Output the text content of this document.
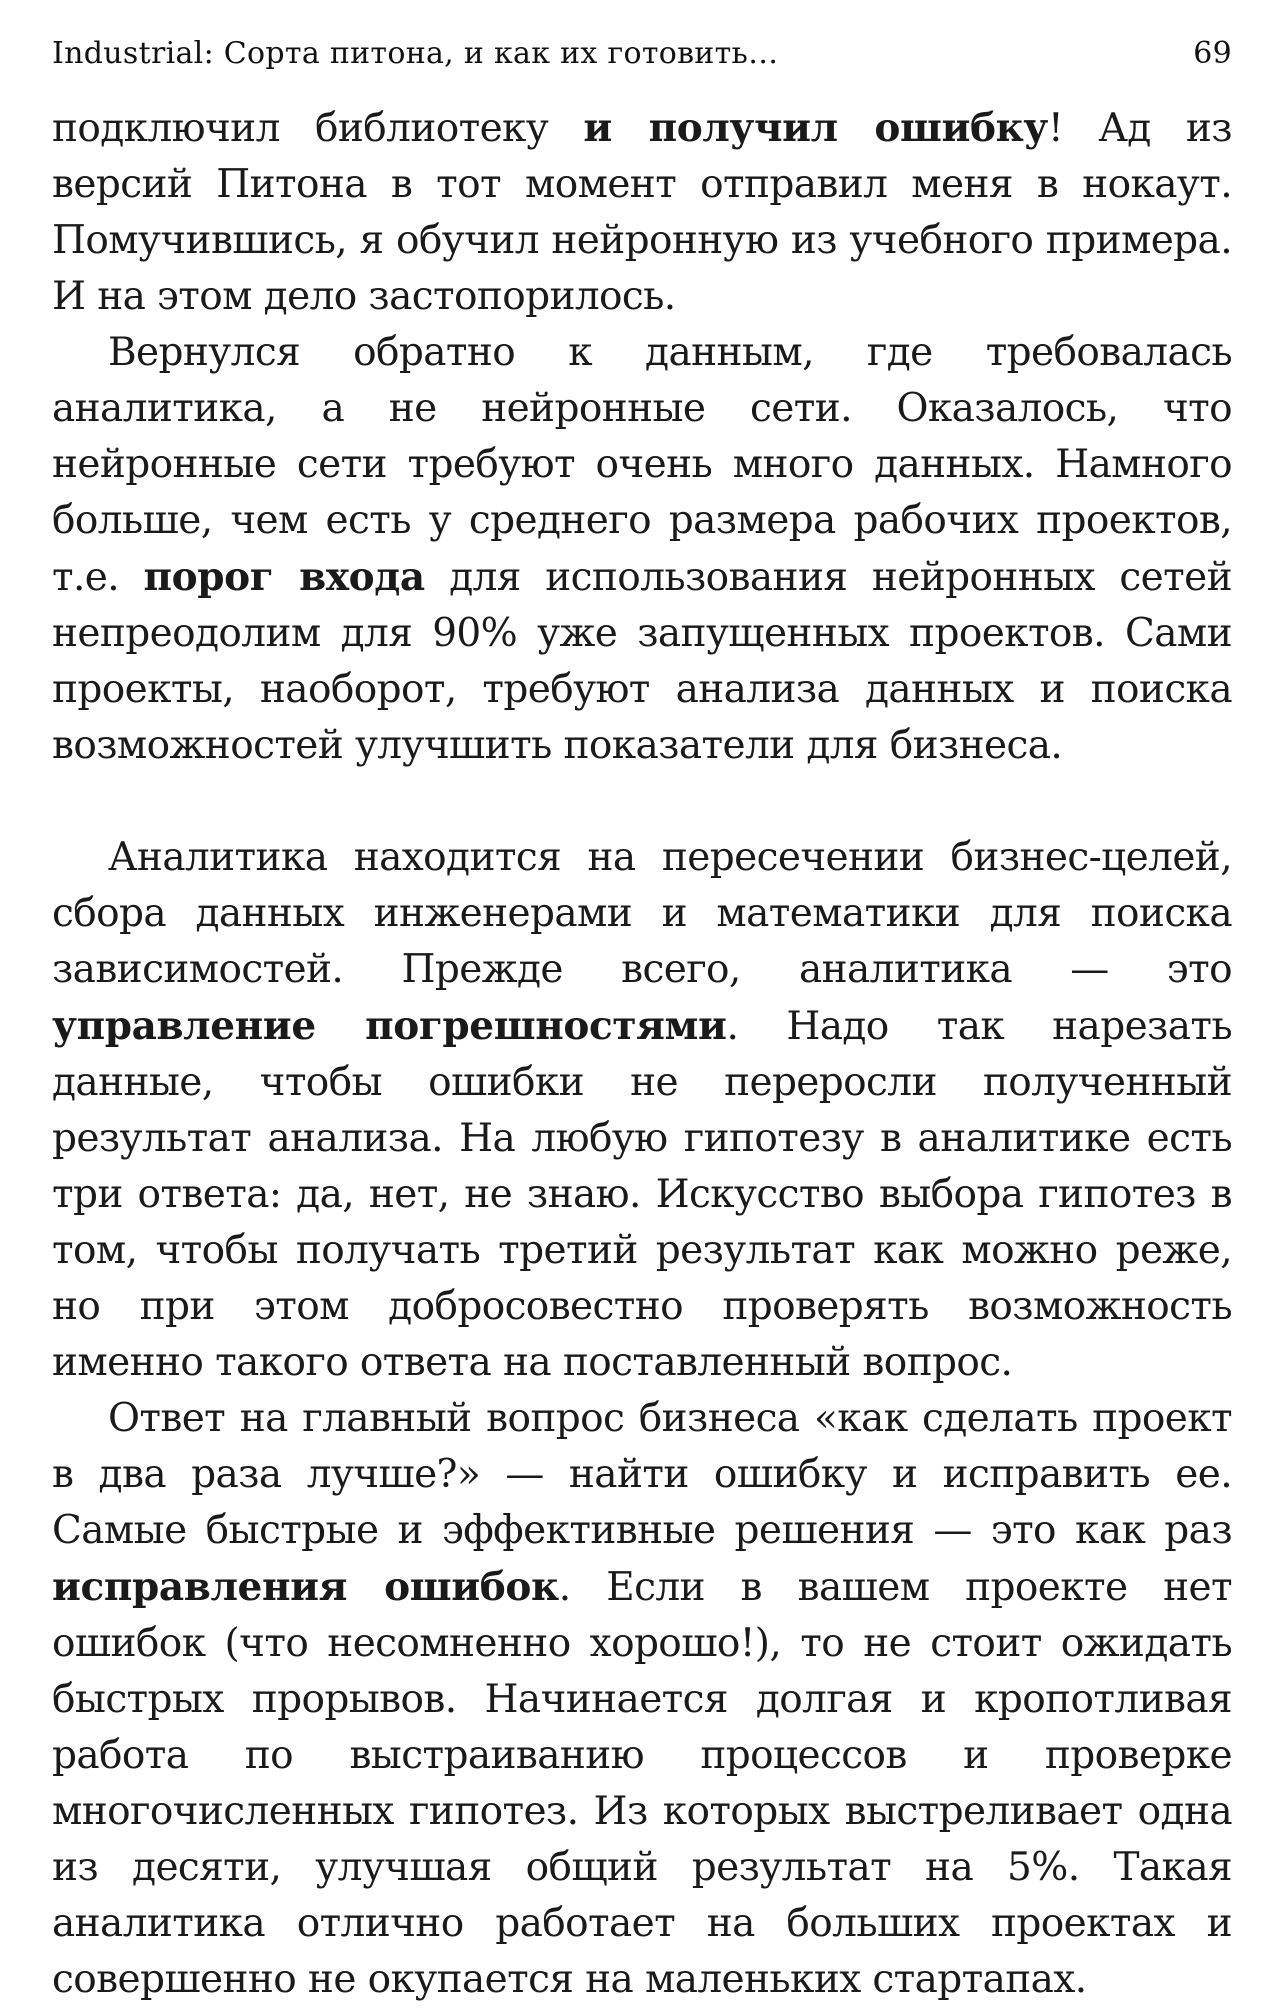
Industrial: Сорта питона, и как их готовить…	69

подключил библиотеку и получил ошибку! Ад из версий Питона в тот момент отправил меня в нокаут. Помучившись, я обучил нейронную из учебного примера. И на этом дело застопорилось.

Вернулся обратно к данным, где требовалась аналитика, а не нейронные сети. Оказалось, что нейронные сети требуют очень много данных. Намного больше, чем есть у среднего размера рабочих проектов, т.е. порог входа для использования нейронных сетей непреодолим для 90% уже запущенных проектов. Сами проекты, наоборот, требуют анализа данных и поиска возможностей улучшить показатели для бизнеса.

Аналитика находится на пересечении бизнес-целей, сбора данных инженерами и математики для поиска зависимостей. Прежде всего, аналитика — это управление погрешностями. Надо так нарезать данные, чтобы ошибки не переросли полученный результат анализа. На любую гипотезу в аналитике есть три ответа: да, нет, не знаю. Искусство выбора гипотез в том, чтобы получать третий результат как можно реже, но при этом добросовестно проверять возможность именно такого ответа на поставленный вопрос.

Ответ на главный вопрос бизнеса «как сделать проект в два раза лучше?» — найти ошибку и исправить ее. Самые быстрые и эффективные решения — это как раз исправления ошибок. Если в вашем проекте нет ошибок (что несомненно хорошо!), то не стоит ожидать быстрых прорывов. Начинается долгая и кропотливая работа по выстраиванию процессов и проверке многочисленных гипотез. Из которых выстреливает одна из десяти, улучшая общий результат на 5%. Такая аналитика отлично работает на больших проектах и совершенно не окупается на маленьких стартапах.
